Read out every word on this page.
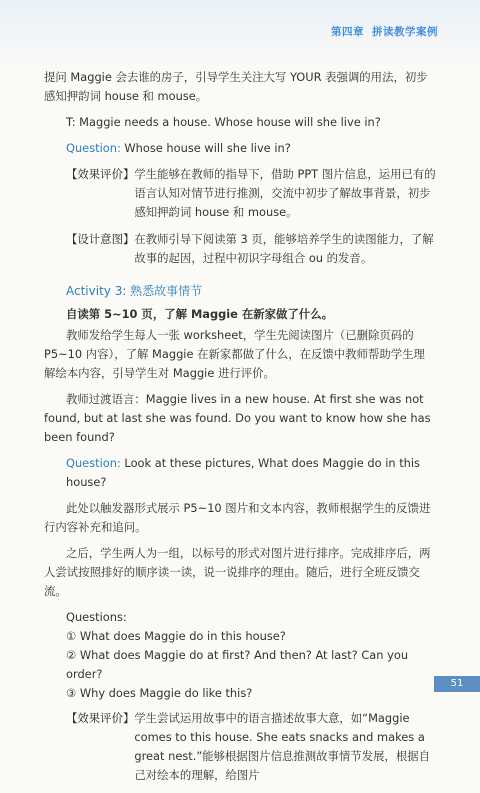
第四章 拼读教学案例

提问 Maggie 会去谁的房子，引导学生关注大写 YOUR 表强调的用法，初步感知押韵词 house 和 mouse。

T: Maggie needs a house. Whose house will she live in?

Question: Whose house will she live in?

【效果评价】 学生能够在教师的指导下，借助 PPT 图片信息，运用已有的语言认知对情节进行推测，交流中初步了解故事背景，初步感知押韵词 house 和 mouse。
【设计意图】 在教师引导下阅读第 3 页，能够培养学生的读图能力，了解故事的起因，过程中初识字母组合 ou 的发音。
Activity 3: 熟悉故事情节

自读第 5~10 页，了解 Maggie 在新家做了什么。

教师发给学生每人一张 worksheet，学生先阅读图片（已删除页码的 P5~10 内容），了解 Maggie 在新家都做了什么，在反馈中教师帮助学生理解绘本内容，引导学生对 Maggie 进行评价。

教师过渡语言：Maggie lives in a new house. At first she was not found, but at last she was found. Do you want to know how she has been found?

Question: Look at these pictures, What does Maggie do in this house?

此处以触发器形式展示 P5~10 图片和文本内容，教师根据学生的反馈进行内容补充和追问。

之后，学生两人为一组，以标号的形式对图片进行排序。完成排序后，两人尝试按照排好的顺序读一读，说一说排序的理由。随后，进行全班反馈交流。

Questions:
① What does Maggie do in this house?
② What does Maggie do at first? And then? At last? Can you order?
③ Why does Maggie do like this?
【效果评价】 学生尝试运用故事中的语言描述故事大意，如“Maggie comes to this house. She eats snacks and makes a great nest.”能够根据图片信息推测故事情节发展，根据自己对绘本的理解，给图片
51
